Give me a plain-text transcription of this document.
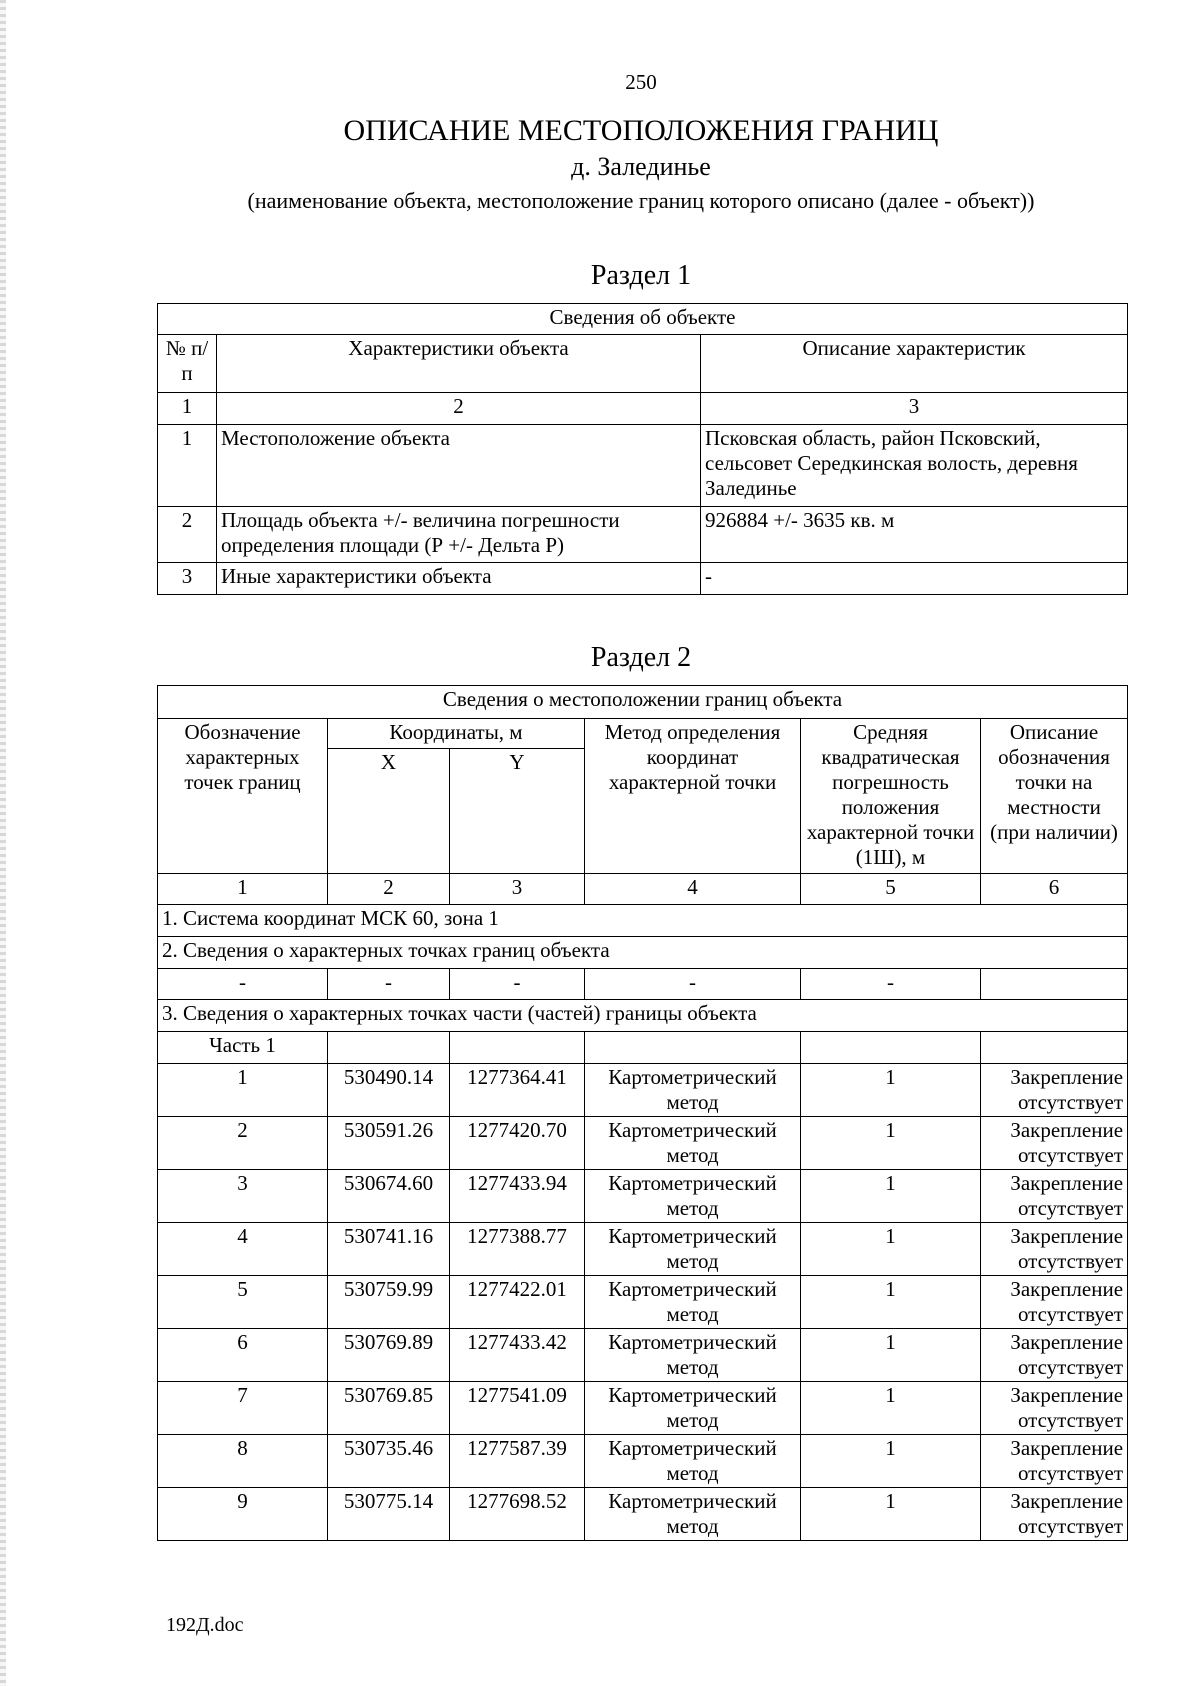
250
ОПИСАНИЕ МЕСТОПОЛОЖЕНИЯ ГРАНИЦ
д. Залединье
(наименование объекта, местоположение границ которого описано (далее - объект))
Раздел 1
Сведения об объекте		
№ п/п	Характеристики объекта	Описание характеристик
1	2	3
1	Местоположение объекта	Псковская область, район Псковский, сельсовет Середкинская волость, деревня Залединье
2	Площадь объекта +/- величина погрешности определения площади (Р +/- Дельта Р)	926884 +/- 3635 кв. м
3	Иные характеристики объекта	-
Раздел 2
Сведения о местоположении границ объекта					
Обозначение характерных точек границ	Координаты, м		Метод определения координат характерной точки	Средняя квадратическая погрешность положения характерной точки (1Ш), м	Описание обозначения точки на местности (при наличии)
	X	Y			
1	2	3	4	5	6
1. Система координат МСК 60, зона 1					
2. Сведения о характерных точках границ объекта					
-	-	-	-	-	
3. Сведения о характерных точках части (частей) границы объекта					
Часть 1					
1	530490.14	1277364.41	Картометрический метод	1	Закрепление отсутствует
2	530591.26	1277420.70	Картометрический метод	1	Закрепление отсутствует
3	530674.60	1277433.94	Картометрический метод	1	Закрепление отсутствует
4	530741.16	1277388.77	Картометрический метод	1	Закрепление отсутствует
5	530759.99	1277422.01	Картометрический метод	1	Закрепление отсутствует
6	530769.89	1277433.42	Картометрический метод	1	Закрепление отсутствует
7	530769.85	1277541.09	Картометрический метод	1	Закрепление отсутствует
8	530735.46	1277587.39	Картометрический метод	1	Закрепление отсутствует
9	530775.14	1277698.52	Картометрический метод	1	Закрепление отсутствует
192Д.doc
